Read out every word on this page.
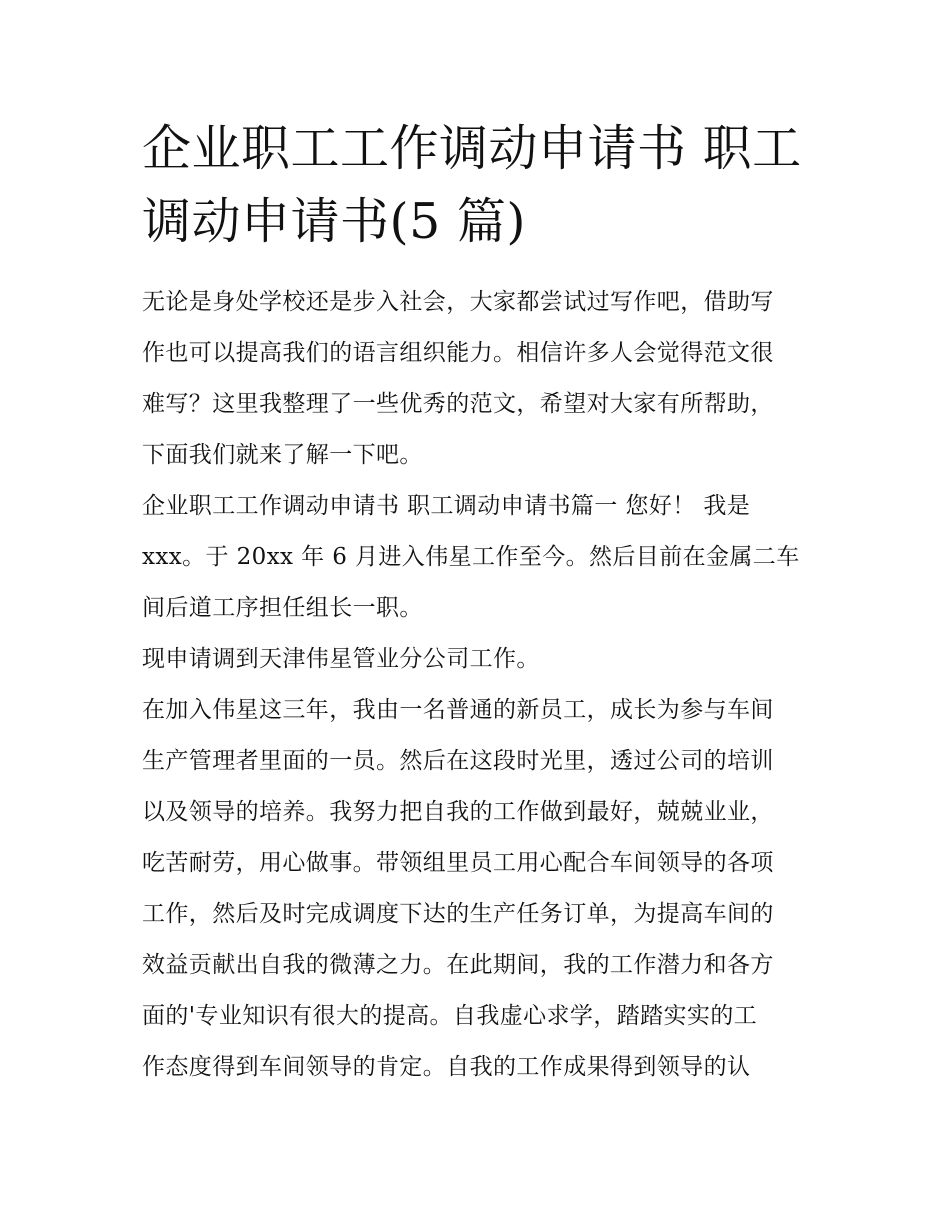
企业职工工作调动申请书 职工
调动申请书(5 篇)

无论是身处学校还是步入社会，大家都尝试过写作吧，借助写
作也可以提高我们的语言组织能力。相信许多人会觉得范文很
难写？这里我整理了一些优秀的范文，希望对大家有所帮助，
下面我们就来了解一下吧。

企业职工工作调动申请书 职工调动申请书篇一 您好！ 我是
xxx。于 20xx 年 6 月进入伟星工作至今。然后目前在金属二车
间后道工序担任组长一职。

现申请调到天津伟星管业分公司工作。

在加入伟星这三年，我由一名普通的新员工，成长为参与车间
生产管理者里面的一员。然后在这段时光里，透过公司的培训
以及领导的培养。我努力把自我的工作做到最好，兢兢业业，
吃苦耐劳，用心做事。带领组里员工用心配合车间领导的各项
工作，然后及时完成调度下达的生产任务订单，为提高车间的
效益贡献出自我的微薄之力。在此期间，我的工作潜力和各方
面的'专业知识有很大的提高。自我虚心求学，踏踏实实的工
作态度得到车间领导的肯定。自我的工作成果得到领导的认
